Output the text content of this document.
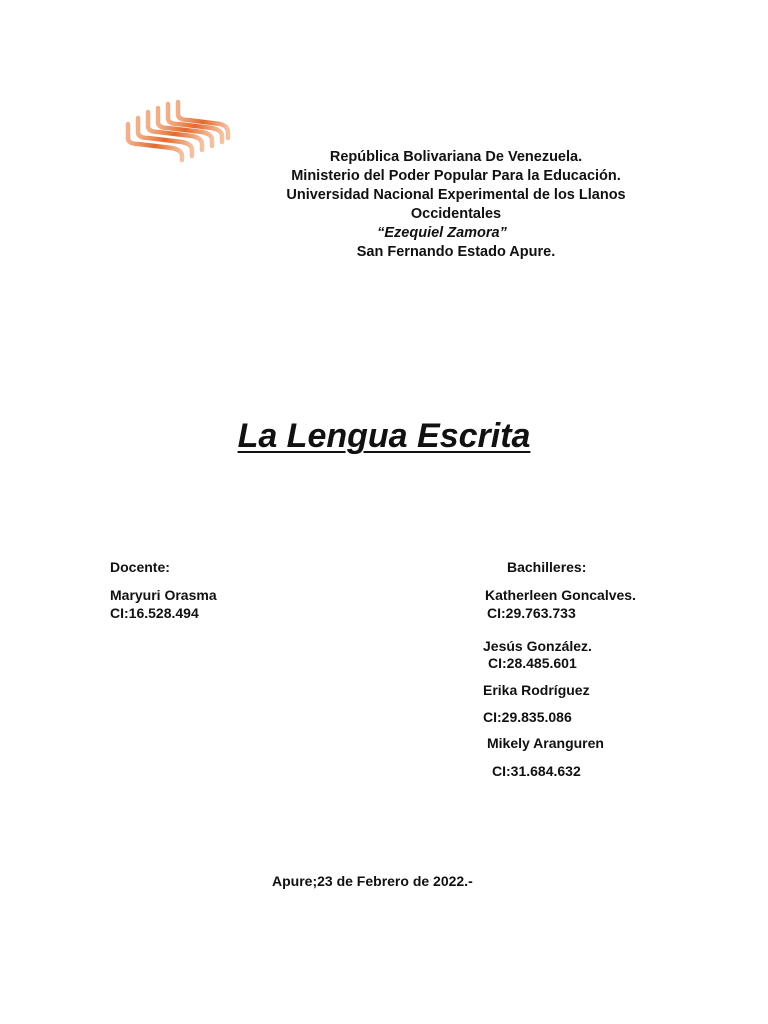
República Bolivariana De Venezuela.
Ministerio del Poder Popular Para la Educación.
Universidad Nacional Experimental de los Llanos
Occidentales
“Ezequiel Zamora”
San Fernando Estado Apure.
La Lengua Escrita
Docente:
Maryuri Orasma
CI:16.528.494
Bachilleres:
Katherleen Goncalves.
CI:29.763.733
Jesús González.
CI:28.485.601
Erika Rodríguez
CI:29.835.086
Mikely Aranguren
CI:31.684.632
Apure;23 de Febrero de 2022.-
